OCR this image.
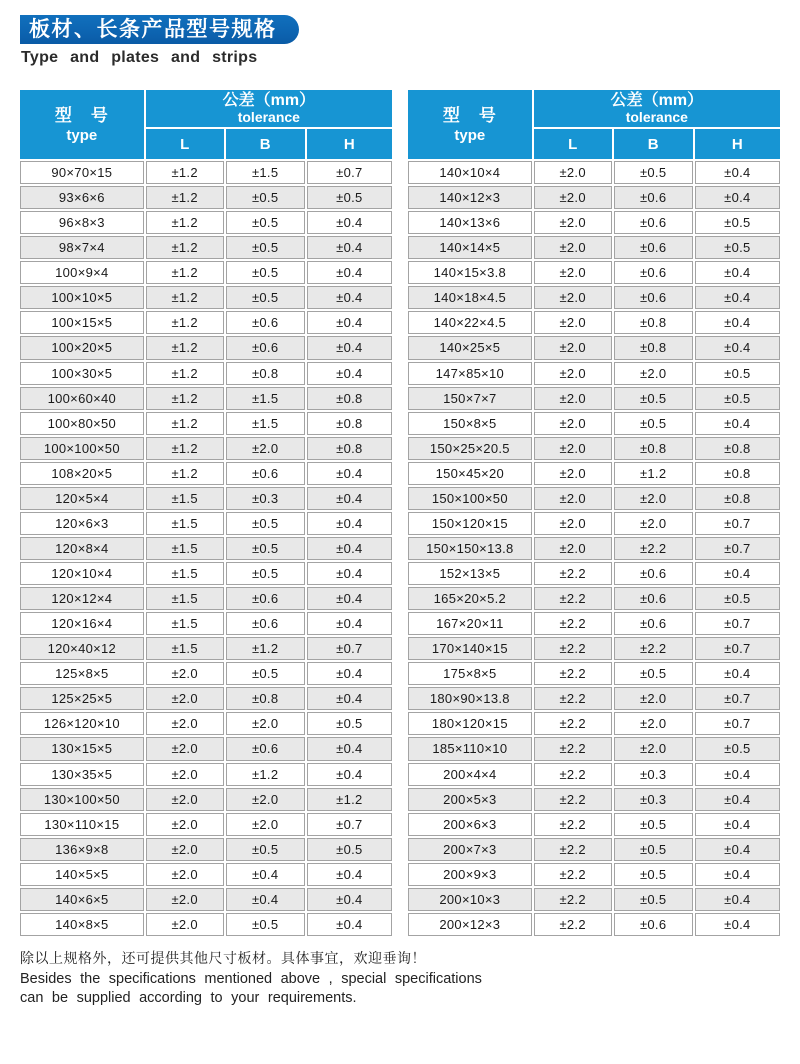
板材、长条产品型号规格
Type and plates and strips
型　号
type

公差（mm）
tolerance

	L	B	H
90×70×15	±1.2	±1.5	±0.7
93×6×6	±1.2	±0.5	±0.5
96×8×3	±1.2	±0.5	±0.4
98×7×4	±1.2	±0.5	±0.4
100×9×4	±1.2	±0.5	±0.4
100×10×5	±1.2	±0.5	±0.4
100×15×5	±1.2	±0.6	±0.4
100×20×5	±1.2	±0.6	±0.4
100×30×5	±1.2	±0.8	±0.4
100×60×40	±1.2	±1.5	±0.8
100×80×50	±1.2	±1.5	±0.8
100×100×50	±1.2	±2.0	±0.8
108×20×5	±1.2	±0.6	±0.4
120×5×4	±1.5	±0.3	±0.4
120×6×3	±1.5	±0.5	±0.4
120×8×4	±1.5	±0.5	±0.4
120×10×4	±1.5	±0.5	±0.4
120×12×4	±1.5	±0.6	±0.4
120×16×4	±1.5	±0.6	±0.4
120×40×12	±1.5	±1.2	±0.7
125×8×5	±2.0	±0.5	±0.4
125×25×5	±2.0	±0.8	±0.4
126×120×10	±2.0	±2.0	±0.5
130×15×5	±2.0	±0.6	±0.4
130×35×5	±2.0	±1.2	±0.4
130×100×50	±2.0	±2.0	±1.2
130×110×15	±2.0	±2.0	±0.7
136×9×8	±2.0	±0.5	±0.5
140×5×5	±2.0	±0.4	±0.4
140×6×5	±2.0	±0.4	±0.4
140×8×5	±2.0	±0.5	±0.4
型　号
type

公差（mm）
tolerance

	L	B	H
140×10×4	±2.0	±0.5	±0.4
140×12×3	±2.0	±0.6	±0.4
140×13×6	±2.0	±0.6	±0.5
140×14×5	±2.0	±0.6	±0.5
140×15×3.8	±2.0	±0.6	±0.4
140×18×4.5	±2.0	±0.6	±0.4
140×22×4.5	±2.0	±0.8	±0.4
140×25×5	±2.0	±0.8	±0.4
147×85×10	±2.0	±2.0	±0.5
150×7×7	±2.0	±0.5	±0.5
150×8×5	±2.0	±0.5	±0.4
150×25×20.5	±2.0	±0.8	±0.8
150×45×20	±2.0	±1.2	±0.8
150×100×50	±2.0	±2.0	±0.8
150×120×15	±2.0	±2.0	±0.7
150×150×13.8	±2.0	±2.2	±0.7
152×13×5	±2.2	±0.6	±0.4
165×20×5.2	±2.2	±0.6	±0.5
167×20×11	±2.2	±0.6	±0.7
170×140×15	±2.2	±2.2	±0.7
175×8×5	±2.2	±0.5	±0.4
180×90×13.8	±2.2	±2.0	±0.7
180×120×15	±2.2	±2.0	±0.7
185×110×10	±2.2	±2.0	±0.5
200×4×4	±2.2	±0.3	±0.4
200×5×3	±2.2	±0.3	±0.4
200×6×3	±2.2	±0.5	±0.4
200×7×3	±2.2	±0.5	±0.4
200×9×3	±2.2	±0.5	±0.4
200×10×3	±2.2	±0.5	±0.4
200×12×3	±2.2	±0.6	±0.4
除以上规格外，还可提供其他尺寸板材。具体事宜，欢迎垂询！
Besides the specifications mentioned above , special specifications
can be supplied according to your requirements.
